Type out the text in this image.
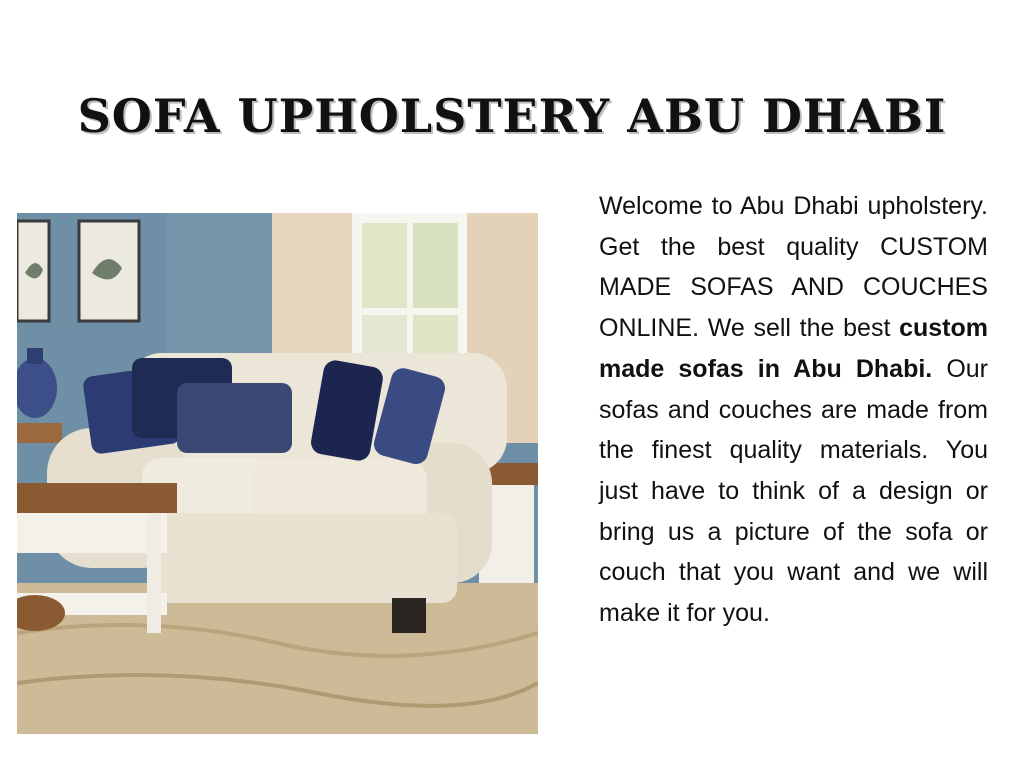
SOFA UPHOLSTERY ABU DHABI

Welcome to Abu Dhabi upholstery. Get the best quality CUSTOM MADE SOFAS AND COUCHES ONLINE. We sell the best custom made sofas in Abu Dhabi. Our sofas and couches are made from the finest quality materials. You just have to think of a design or bring us a picture of the sofa or couch that you want and we will make it for you.
